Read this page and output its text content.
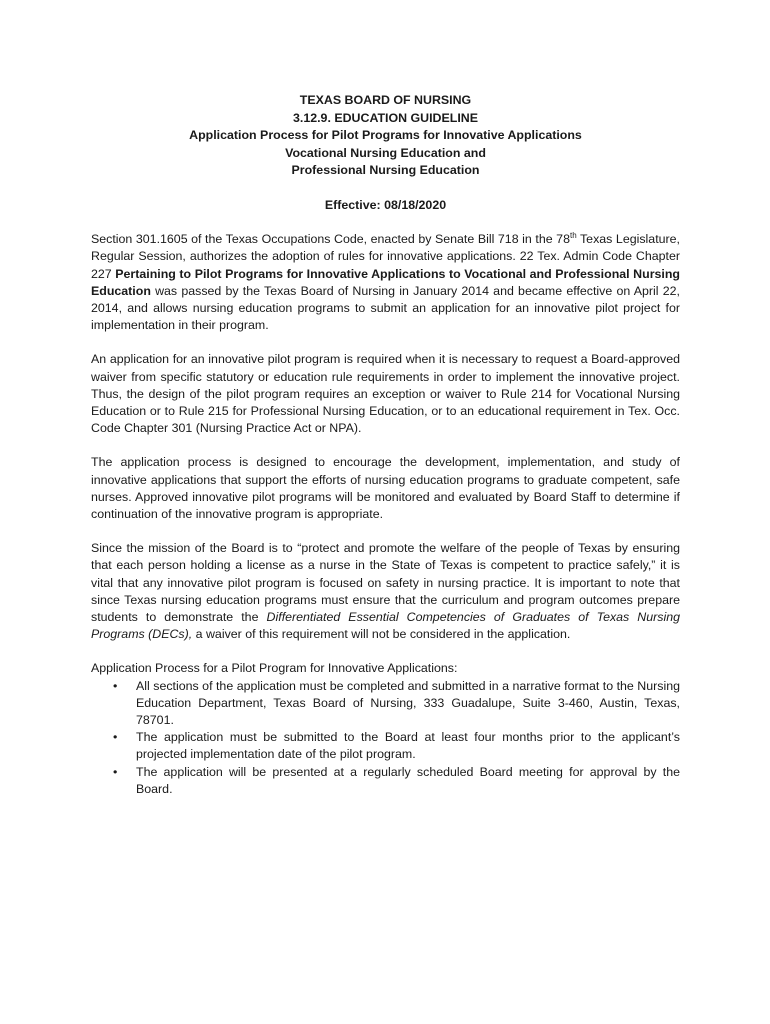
TEXAS BOARD OF NURSING
3.12.9. EDUCATION GUIDELINE
Application Process for Pilot Programs for Innovative Applications
Vocational Nursing Education and
Professional Nursing Education
Effective: 08/18/2020

Section 301.1605 of the Texas Occupations Code, enacted by Senate Bill 718 in the 78th Texas Legislature, Regular Session, authorizes the adoption of rules for innovative applications. 22 Tex. Admin Code Chapter 227 Pertaining to Pilot Programs for Innovative Applications to Vocational and Professional Nursing Education was passed by the Texas Board of Nursing in January 2014 and became effective on April 22, 2014, and allows nursing education programs to submit an application for an innovative pilot project for implementation in their program.

An application for an innovative pilot program is required when it is necessary to request a Board-approved waiver from specific statutory or education rule requirements in order to implement the innovative project. Thus, the design of the pilot program requires an exception or waiver to Rule 214 for Vocational Nursing Education or to Rule 215 for Professional Nursing Education, or to an educational requirement in Tex. Occ. Code Chapter 301 (Nursing Practice Act or NPA).

The application process is designed to encourage the development, implementation, and study of innovative applications that support the efforts of nursing education programs to graduate competent, safe nurses. Approved innovative pilot programs will be monitored and evaluated by Board Staff to determine if continuation of the innovative program is appropriate.

Since the mission of the Board is to “protect and promote the welfare of the people of Texas by ensuring that each person holding a license as a nurse in the State of Texas is competent to practice safely,” it is vital that any innovative pilot program is focused on safety in nursing practice. It is important to note that since Texas nursing education programs must ensure that the curriculum and program outcomes prepare students to demonstrate the Differentiated Essential Competencies of Graduates of Texas Nursing Programs (DECs), a waiver of this requirement will not be considered in the application.

Application Process for a Pilot Program for Innovative Applications:
• All sections of the application must be completed and submitted in a narrative format to the Nursing Education Department, Texas Board of Nursing, 333 Guadalupe, Suite 3-460, Austin, Texas, 78701.
• The application must be submitted to the Board at least four months prior to the applicant’s projected implementation date of the pilot program.
• The application will be presented at a regularly scheduled Board meeting for approval by the Board.
